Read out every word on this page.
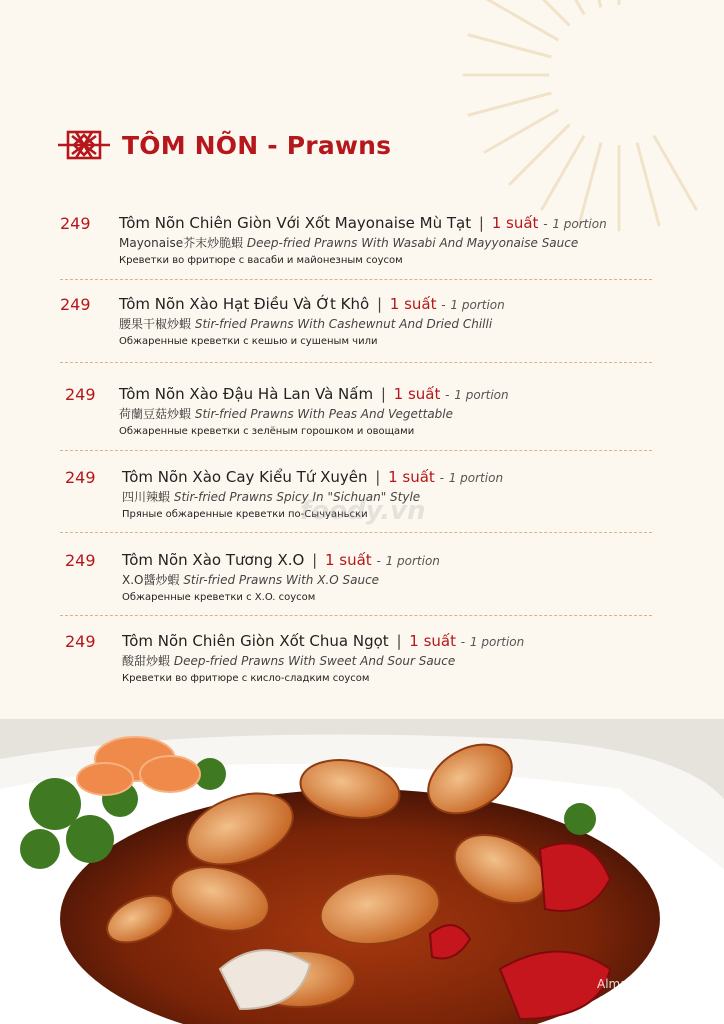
TÔM NÕN - Prawns
249 Tôm Nõn Chiên Giòn Với Xốt Mayonaise Mù Tạt | 1 suất - 1 portion
Mayonaise芥末炒脆蝦 Deep-fried Prawns With Wasabi And Mayyonaise Sauce
Креветки во фритюре с васаби и майонезным соусом
249 Tôm Nõn Xào Hạt Điều Và Ớt Khô | 1 suất - 1 portion
腰果干椒炒蝦 Stir-fried Prawns With Cashewnut And Dried Chilli
Обжаренные креветки с кешью и сушеным чили
249 Tôm Nõn Xào Đậu Hà Lan Và Nấm | 1 suất - 1 portion
荷蘭豆菇炒蝦 Stir-fried Prawns With Peas And Vegettable
Обжаренные креветки с зелёным горошком и овощами
249 Tôm Nõn Xào Cay Kiểu Tứ Xuyên | 1 suất - 1 portion
四川辣蝦 Stir-fried Prawns Spicy In "Sichuan" Style
Пряные обжаренные креветки по-Сычуаньски
249 Tôm Nõn Xào Tương X.O | 1 suất - 1 portion
X.O醬炒蝦 Stir-fried Prawns With X.O Sauce
Обжаренные креветки с X.O. соусом
249 Tôm Nõn Chiên Giòn Xốt Chua Ngọt | 1 suất - 1 portion
酸甜炒蝦 Deep-fried Prawns With Sweet And Sour Sauce
Креветки во фритюре с кисло-сладким соусом
foody.vn
Almaz Phu Quoc
foody.vn
